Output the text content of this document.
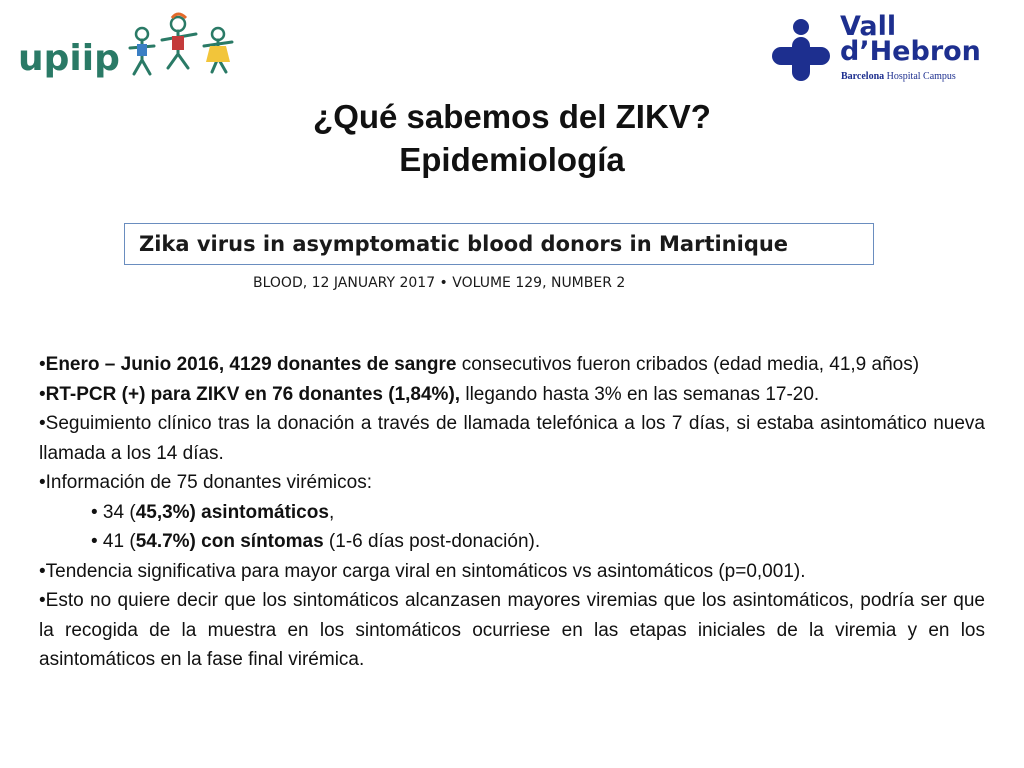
upiip
Vall
d’Hebron
Barcelona Hospital Campus
¿Qué sabemos del ZIKV?
Epidemiología
Zika virus in asymptomatic blood donors in Martinique
BLOOD, 12 JANUARY 2017 • VOLUME 129, NUMBER 2

•Enero – Junio 2016, 4129 donantes de sangre consecutivos fueron cribados (edad media, 41,9 años)

•RT-PCR (+) para ZIKV en 76 donantes (1,84%), llegando hasta 3% en las semanas 17-20.

•Seguimiento clínico tras la donación a través de llamada telefónica a los 7 días, si estaba asintomático nueva llamada a los 14 días.

•Información de 75 donantes virémicos:

• 34 (45,3%) asintomáticos,

• 41 (54.7%) con síntomas (1-6 días post-donación).

•Tendencia significativa para mayor carga viral en sintomáticos vs asintomáticos (p=0,001).

•Esto no quiere decir que los sintomáticos alcanzasen mayores viremias que los asintomáticos, podría ser que la recogida de la muestra en los sintomáticos ocurriese en las etapas iniciales de la viremia y en los asintomáticos en la fase final virémica.
